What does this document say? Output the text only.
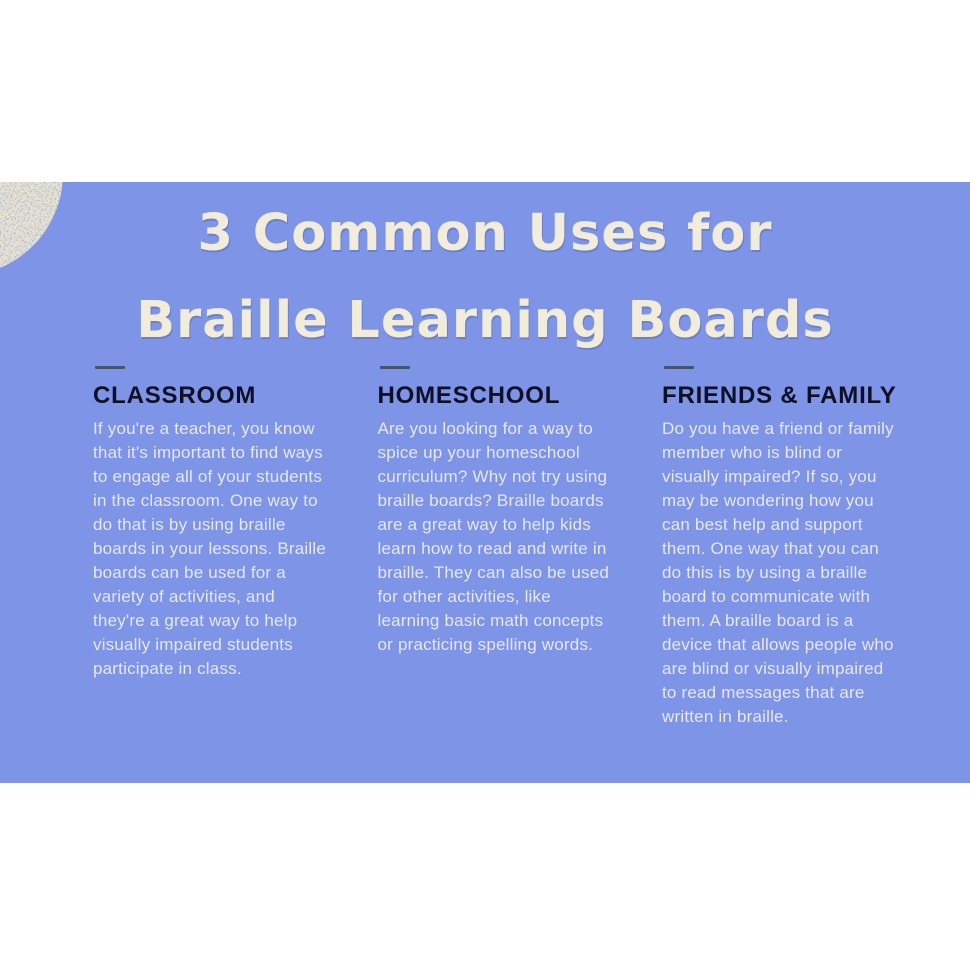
3 Common Uses for
Braille Learning Boards
CLASSROOM
If you're a teacher, you know that it's important to find ways to engage all of your students in the classroom. One way to do that is by using braille boards in your lessons. Braille boards can be used for a variety of activities, and they're a great way to help visually impaired students participate in class.
HOMESCHOOL
Are you looking for a way to spice up your homeschool curriculum? Why not try using braille boards? Braille boards are a great way to help kids learn how to read and write in braille. They can also be used for other activities, like learning basic math concepts or practicing spelling words.
FRIENDS & FAMILY
Do you have a friend or family member who is blind or visually impaired? If so, you may be wondering how you can best help and support them. One way that you can do this is by using a braille board to communicate with them. A braille board is a device that allows people who are blind or visually impaired to read messages that are written in braille.
